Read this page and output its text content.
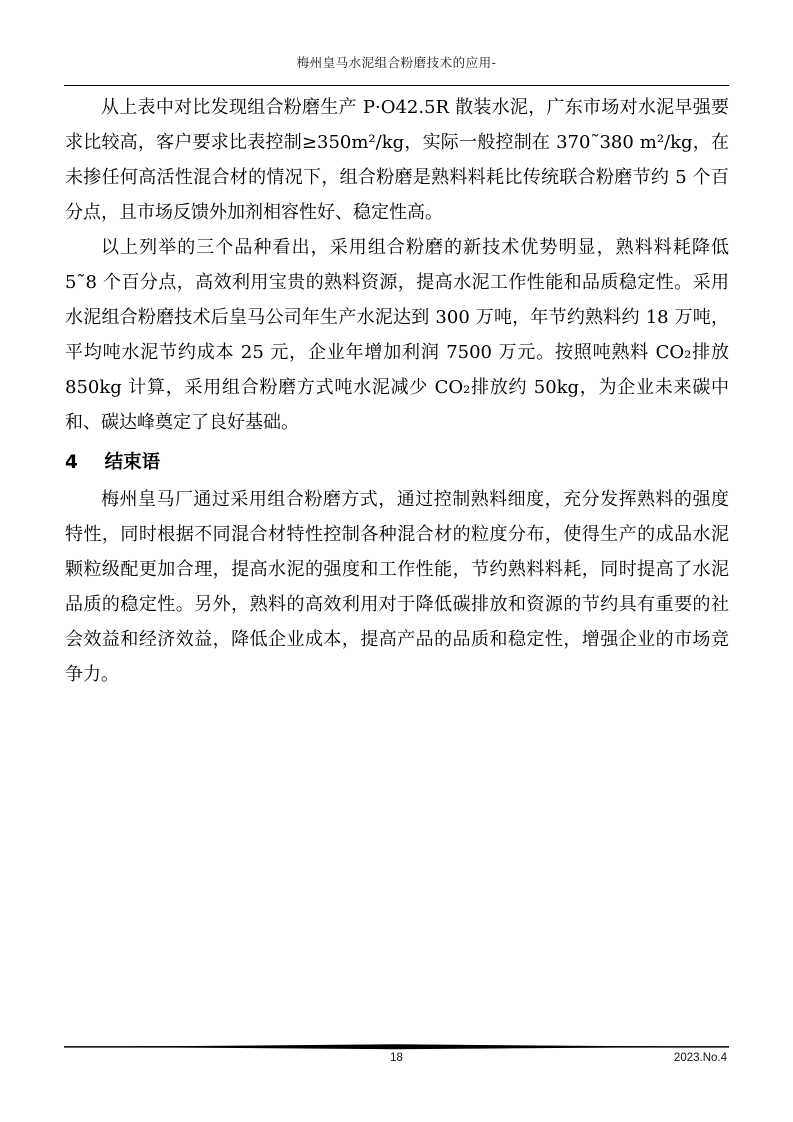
梅州皇马水泥组合粉磨技术的应用-

从上表中对比发现组合粉磨生产 P·O42.5R 散装水泥，广东市场对水泥早强要求比较高，客户要求比表控制≥350m²/kg，实际一般控制在 370˜380 m²/kg，在未掺任何高活性混合材的情况下，组合粉磨是熟料料耗比传统联合粉磨节约 5 个百分点，且市场反馈外加剂相容性好、稳定性高。

以上列举的三个品种看出，采用组合粉磨的新技术优势明显，熟料料耗降低 5˜8 个百分点，高效利用宝贵的熟料资源，提高水泥工作性能和品质稳定性。采用水泥组合粉磨技术后皇马公司年生产水泥达到 300 万吨，年节约熟料约 18 万吨，平均吨水泥节约成本 25 元，企业年增加利润 7500 万元。按照吨熟料 CO₂排放 850kg 计算，采用组合粉磨方式吨水泥减少 CO₂排放约 50kg，为企业未来碳中和、碳达峰奠定了良好基础。

4 结束语

梅州皇马厂通过采用组合粉磨方式，通过控制熟料细度，充分发挥熟料的强度特性，同时根据不同混合材特性控制各种混合材的粒度分布，使得生产的成品水泥颗粒级配更加合理，提高水泥的强度和工作性能，节约熟料料耗，同时提高了水泥品质的稳定性。另外，熟料的高效利用对于降低碳排放和资源的节约具有重要的社会效益和经济效益，降低企业成本，提高产品的品质和稳定性，增强企业的市场竞争力。

18	2023.No.4
